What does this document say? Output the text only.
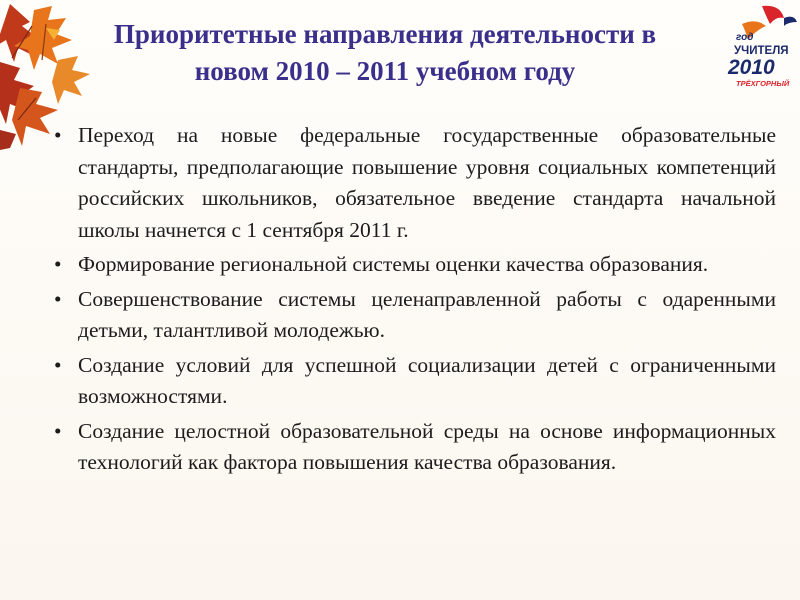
год
УЧИТЕЛЯ
2010
ТРЁХГОРНЫЙ
Приоритетные направления деятельности в
новом 2010 – 2011 учебном году
• Переход на новые федеральные государственные образовательные стандарты, предполагающие повышение уровня социальных компетенций российских школьников, обязательное введение стандарта начальной школы начнется с 1 сентября 2011 г.
• Формирование региональной системы оценки качества образования.
• Совершенствование системы целенаправленной работы с одаренными детьми, талантливой молодежью.
• Создание условий для успешной социализации детей с ограниченными возможностями.
• Создание целостной образовательной среды на основе информационных технологий как фактора повышения качества образования.
